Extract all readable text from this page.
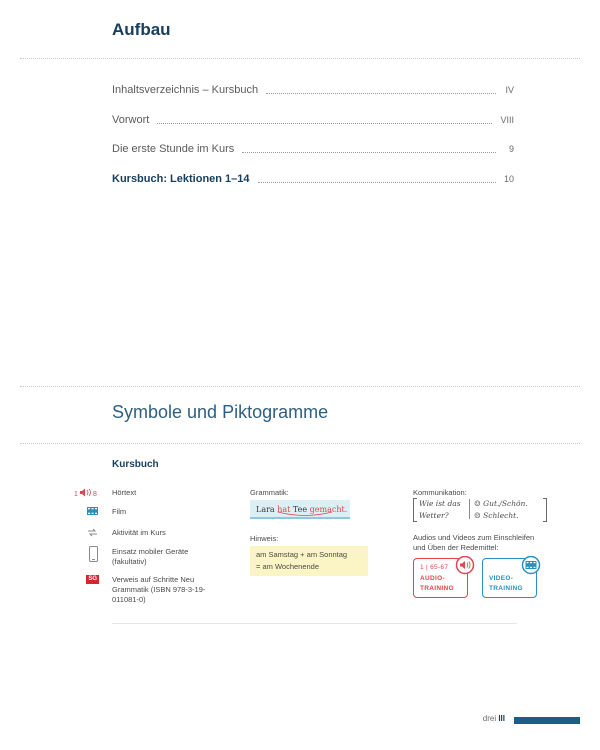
Aufbau
Inhaltsverzeichnis – Kursbuch	IV
Vorwort	VIII
Die erste Stunde im Kurs	9
Kursbuch: Lektionen 1–14	10
Symbole und Piktogramme
Kursbuch
1 8
SG
Hörtext
Film
Aktivität im Kurs
Einsatz mobiler Geräte (fakultativ)
Verweis auf Schritte Neu Grammatik (ISBN 978-3-19-011081-0)
Grammatik:
Lara hat Tee gemacht.
Hinweis:
am Samstag + am Sonntag
= am Wochenende
Kommunikation:
Wie ist das
Wetter?
☺ Gut./Schön.
☹ Schlecht.
Audios und Videos zum Einschleifen
und Üben der Redemittel:
1 | 65-67
AUDIO-
TRAINING
VIDEO-
TRAINING
drei III
